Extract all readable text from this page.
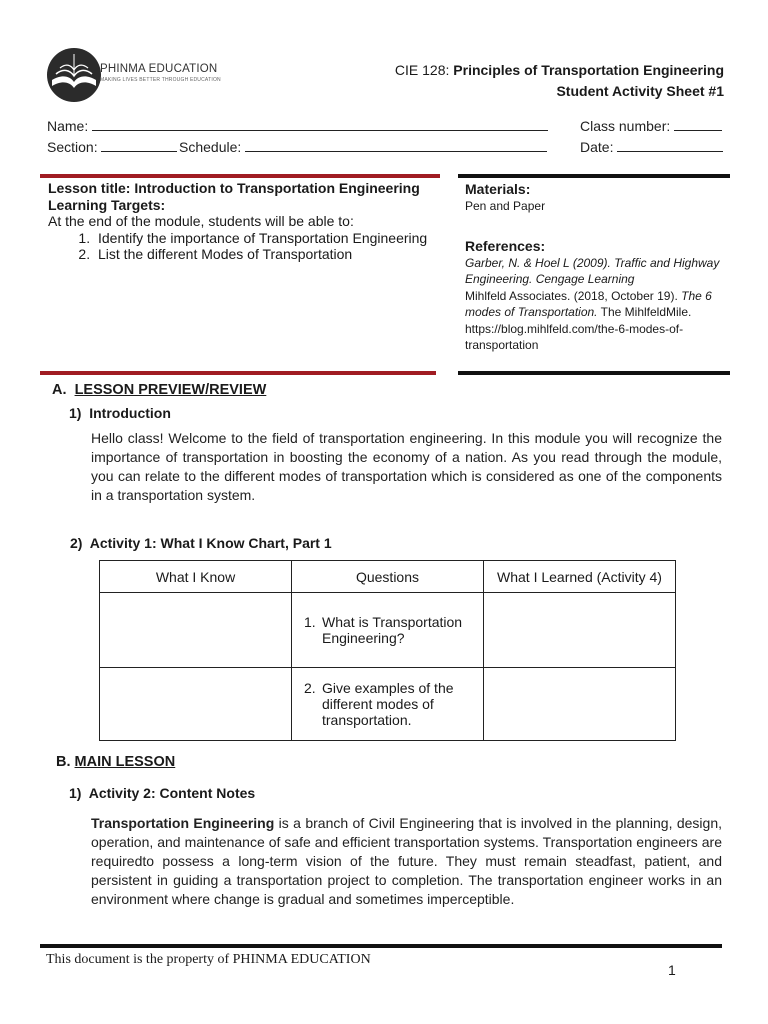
PHINMA EDUCATION
MAKING LIVES BETTER THROUGH EDUCATION
CIE 128: Principles of Transportation Engineering
Student Activity Sheet #1
Name:	Class number:
Section:	Schedule:	Date:
Lesson title: Introduction to Transportation Engineering
Learning Targets:
At the end of the module, students will be able to:
1. Identify the importance of Transportation Engineering
2. List the different Modes of Transportation
Materials:
Pen and Paper
References:
Garber, N. & Hoel L (2009). Traffic and Highway Engineering. Cengage Learning
Mihlfeld Associates. (2018, October 19). The 6 modes of Transportation. The MihlfeldMile. https://blog.mihlfeld.com/the-6-modes-of-transportation
A. LESSON PREVIEW/REVIEW
1) Introduction
Hello class! Welcome to the field of transportation engineering. In this module you will recognize the importance of transportation in boosting the economy of a nation. As you read through the module, you can relate to the different modes of transportation which is considered as one of the components in a transportation system.
2) Activity 1: What I Know Chart, Part 1
What I Know	Questions	What I Learned (Activity 4)

	1. What is Transportation Engineering?	

	2. Give examples of the different modes of transportation.	

B. MAIN LESSON
1) Activity 2: Content Notes
Transportation Engineering is a branch of Civil Engineering that is involved in the planning, design, operation, and maintenance of safe and efficient transportation systems. Transportation engineers are requiredto possess a long-term vision of the future. They must remain steadfast, patient, and persistent in guiding a transportation project to completion. The transportation engineer works in an environment where change is gradual and sometimes imperceptible.
This document is the property of PHINMA EDUCATION
1
